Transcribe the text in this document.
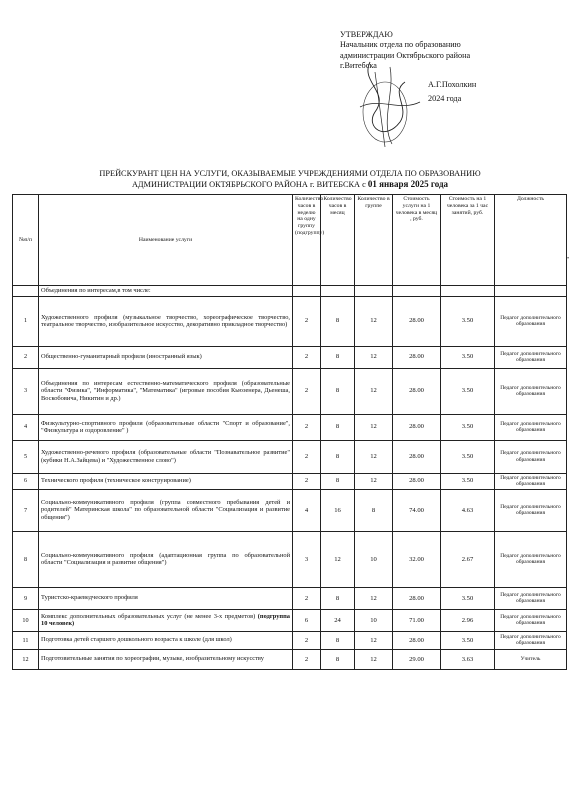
УТВЕРЖДАЮ
Начальник отдела по образованию
администрации Октябрьского района
г.Витебска
А.Г.Похолкин
2024 года
ПРЕЙСКУРАНТ ЦЕН НА УСЛУГИ, ОКАЗЫВАЕМЫЕ УЧРЕЖДЕНИЯМИ ОТДЕЛА ПО ОБРАЗОВАНИЮ
АДМИНИСТРАЦИИ ОКТЯБРЬСКОГО РАЙОНА г. ВИТЕБСКА с 01 января 2025 года
№п/п	Наименование услуги	Количество часов в неделю на одну группу (подгруппу)	Количество часов в месяц	Количество в группе	Стоимость услуги на 1 человека в месяц , руб.	Стоимость на 1 человека за 1 час занятий, руб.	Должность
	Объединения по интересам,в том числе:						
1	Художественного профиля (музыкальное творчество, хореографическое творчество, театральное творчество, изобразительное искусство, декоративно прикладное творчество)	2	8	12	28.00	3.50	Педагог дополнительного образования
2	Общественно-гуманитарный профиля (иностранный язык)	2	8	12	28.00	3.50	Педагог дополнительного образования
3	Объединения по интересам естественно-математического профиля (образовательные области "Физика", "Информатика", "Математика" (игровые пособия Кьюзенера, Дьенеша, Воскобовича, Никитин и др.)	2	8	12	28.00	3.50	Педагог дополнительного образования
4	Физкультурно-спортивного профиля (образовательные области "Спорт и образование", "Физкультура и оздоровление" )	2	8	12	28.00	3.50	Педагог дополнительного образования
5	Художественно-речевого профиля (образовательные области "Познавательное развитие" (кубики Н.А.Зайцева) и "Художественное слово")	2	8	12	28.00	3.50	Педагог дополнительного образования
6	Технического профиля (техническое конструирование)	2	8	12	28.00	3.50	Педагог дополнительного образования
7	Социально-коммуникативного профиля (группа совместного пребывания детей и родителей" Материнская школа" по образовательной области "Социализация и развитие общения")	4	16	8	74.00	4.63	Педагог дополнительного образования
8	Социально-коммуникативного профиля (адаптационная группа по образовательной области "Социализация и развитие общения")	3	12	10	32.00	2.67	Педагог дополнительного образования
9	Туристско-краеведческого профиля	2	8	12	28.00	3.50	Педагог дополнительного образования
10	Комплекс дополнительных образовательных услуг (не менее 3-х предметов) (подгруппа 10 человек)	6	24	10	71.00	2.96	Педагог дополнительного образования
11	Подготовка детей старшего дошкольного возраста к школе (для школ)	2	8	12	28.00	3.50	Педагог дополнительного образования
12	Подготовительные занятия по хореографии, музыке, изобразительному искусству	2	8	12	29.00	3.63	Учитель
•
